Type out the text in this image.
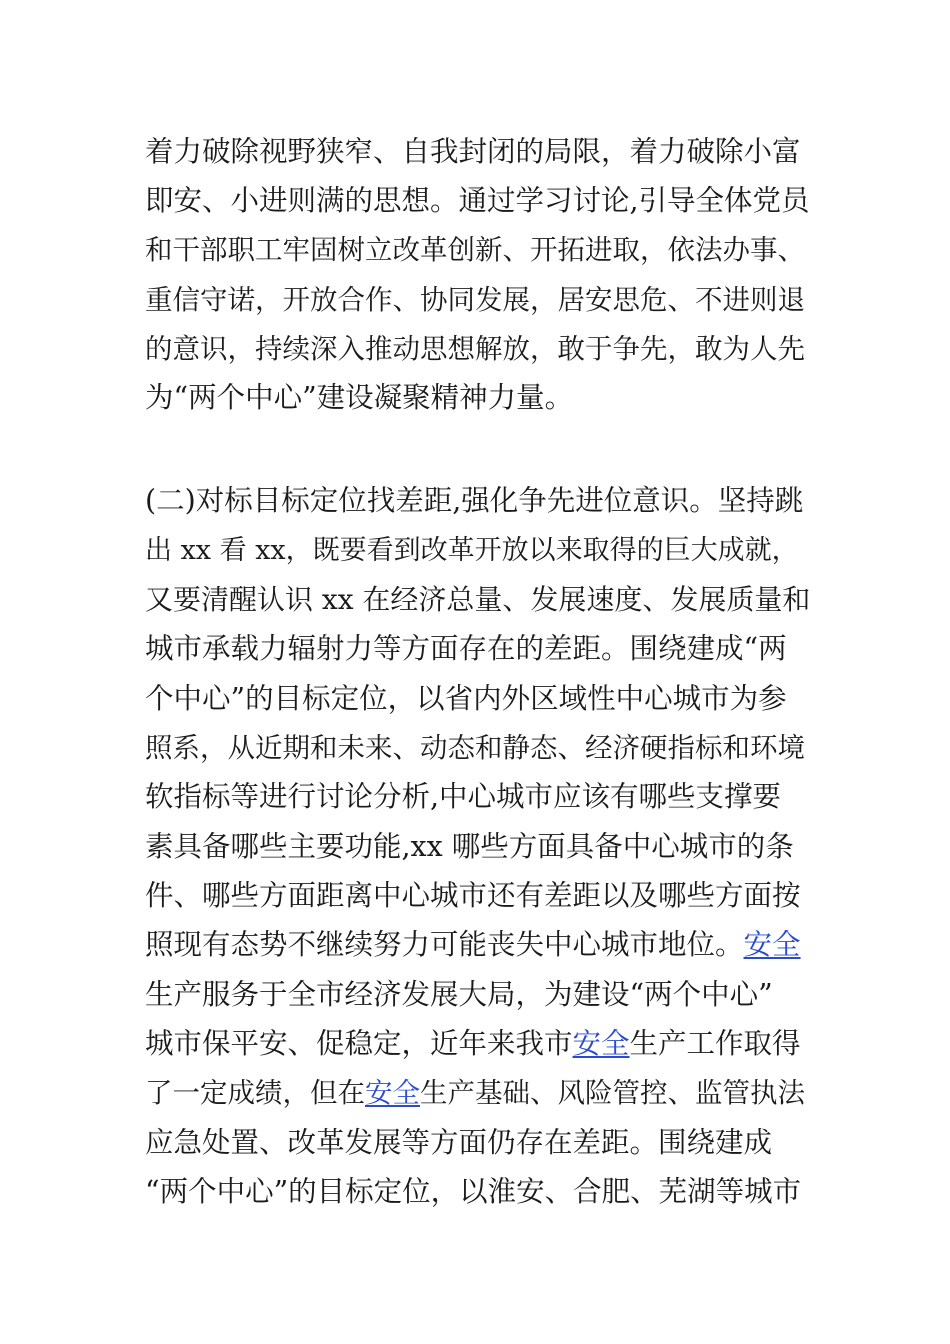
着力破除视野狭窄、自我封闭的局限，着力破除小富
即安、小进则满的思想。通过学习讨论,引导全体党员
和干部职工牢固树立改革创新、开拓进取，依法办事、
重信守诺，开放合作、协同发展，居安思危、不进则退
的意识，持续深入推动思想解放，敢于争先，敢为人先
为“两个中心”建设凝聚精神力量。
(二)对标目标定位找差距,强化争先进位意识。坚持跳
出 xx 看 xx，既要看到改革开放以来取得的巨大成就，
又要清醒认识 xx 在经济总量、发展速度、发展质量和
城市承载力辐射力等方面存在的差距。围绕建成“两
个中心”的目标定位，以省内外区域性中心城市为参
照系，从近期和未来、动态和静态、经济硬指标和环境
软指标等进行讨论分析,中心城市应该有哪些支撑要
素具备哪些主要功能,xx 哪些方面具备中心城市的条
件、哪些方面距离中心城市还有差距以及哪些方面按
照现有态势不继续努力可能丧失中心城市地位。安全
生产服务于全市经济发展大局，为建设“两个中心”
城市保平安、促稳定，近年来我市安全生产工作取得
了一定成绩，但在安全生产基础、风险管控、监管执法
应急处置、改革发展等方面仍存在差距。围绕建成
“两个中心”的目标定位，以淮安、合肥、芜湖等城市
